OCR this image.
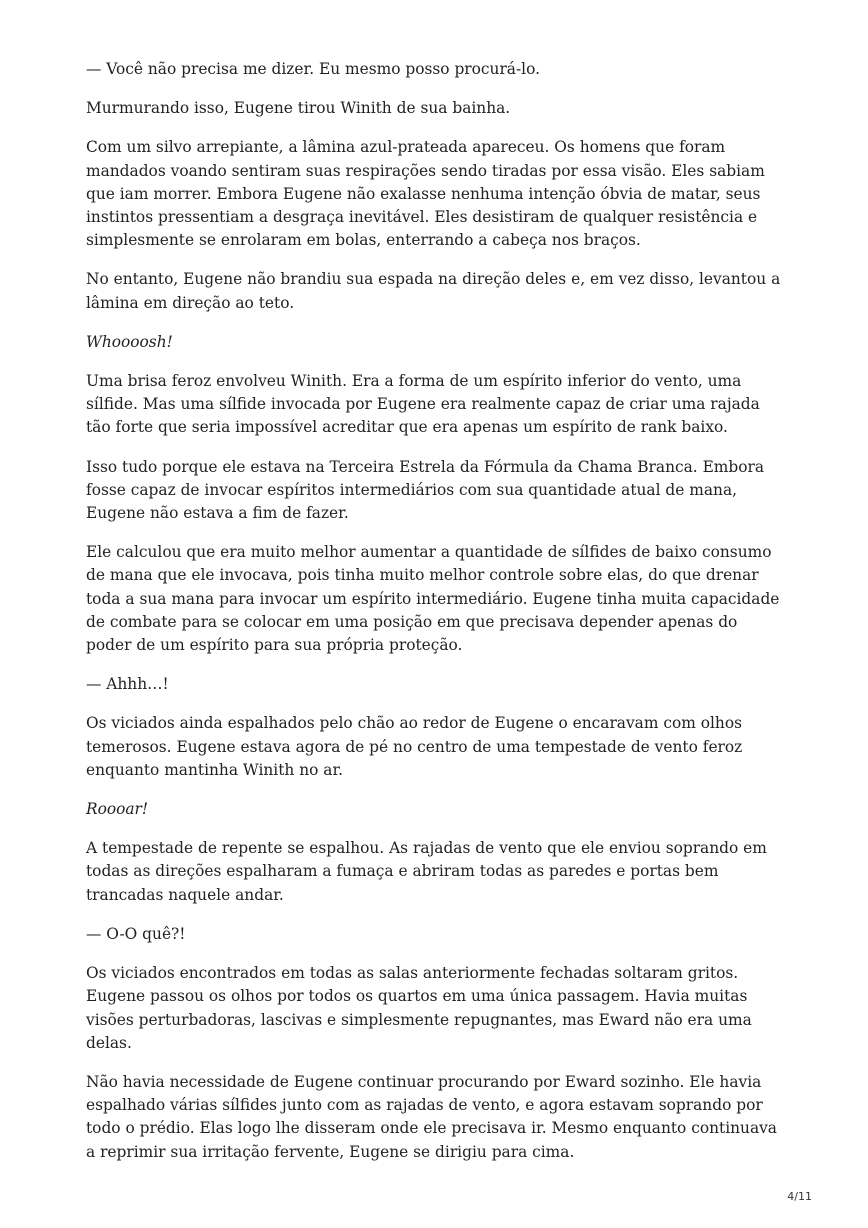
— Você não precisa me dizer. Eu mesmo posso procurá-lo.

Murmurando isso, Eugene tirou Winith de sua bainha.

Com um silvo arrepiante, a lâmina azul-prateada apareceu. Os homens que foram mandados voando sentiram suas respirações sendo tiradas por essa visão. Eles sabiam que iam morrer. Embora Eugene não exalasse nenhuma intenção óbvia de matar, seus instintos pressentiam a desgraça inevitável. Eles desistiram de qualquer resistência e simplesmente se enrolaram em bolas, enterrando a cabeça nos braços.

No entanto, Eugene não brandiu sua espada na direção deles e, em vez disso, levantou a lâmina em direção ao teto.

Whoooosh!

Uma brisa feroz envolveu Winith. Era a forma de um espírito inferior do vento, uma sílfide. Mas uma sílfide invocada por Eugene era realmente capaz de criar uma rajada tão forte que seria impossível acreditar que era apenas um espírito de rank baixo.

Isso tudo porque ele estava na Terceira Estrela da Fórmula da Chama Branca. Embora fosse capaz de invocar espíritos intermediários com sua quantidade atual de mana, Eugene não estava a fim de fazer.

Ele calculou que era muito melhor aumentar a quantidade de sílfides de baixo consumo de mana que ele invocava, pois tinha muito melhor controle sobre elas, do que drenar toda a sua mana para invocar um espírito intermediário. Eugene tinha muita capacidade de combate para se colocar em uma posição em que precisava depender apenas do poder de um espírito para sua própria proteção.

— Ahhh…!

Os viciados ainda espalhados pelo chão ao redor de Eugene o encaravam com olhos temerosos. Eugene estava agora de pé no centro de uma tempestade de vento feroz enquanto mantinha Winith no ar.

Roooar!

A tempestade de repente se espalhou. As rajadas de vento que ele enviou soprando em todas as direções espalharam a fumaça e abriram todas as paredes e portas bem trancadas naquele andar.

— O-O quê?!

Os viciados encontrados em todas as salas anteriormente fechadas soltaram gritos. Eugene passou os olhos por todos os quartos em uma única passagem. Havia muitas visões perturbadoras, lascivas e simplesmente repugnantes, mas Eward não era uma delas.

Não havia necessidade de Eugene continuar procurando por Eward sozinho. Ele havia espalhado várias sílfides junto com as rajadas de vento, e agora estavam soprando por todo o prédio. Elas logo lhe disseram onde ele precisava ir. Mesmo enquanto continuava a reprimir sua irritação fervente, Eugene se dirigiu para cima.

4/11
